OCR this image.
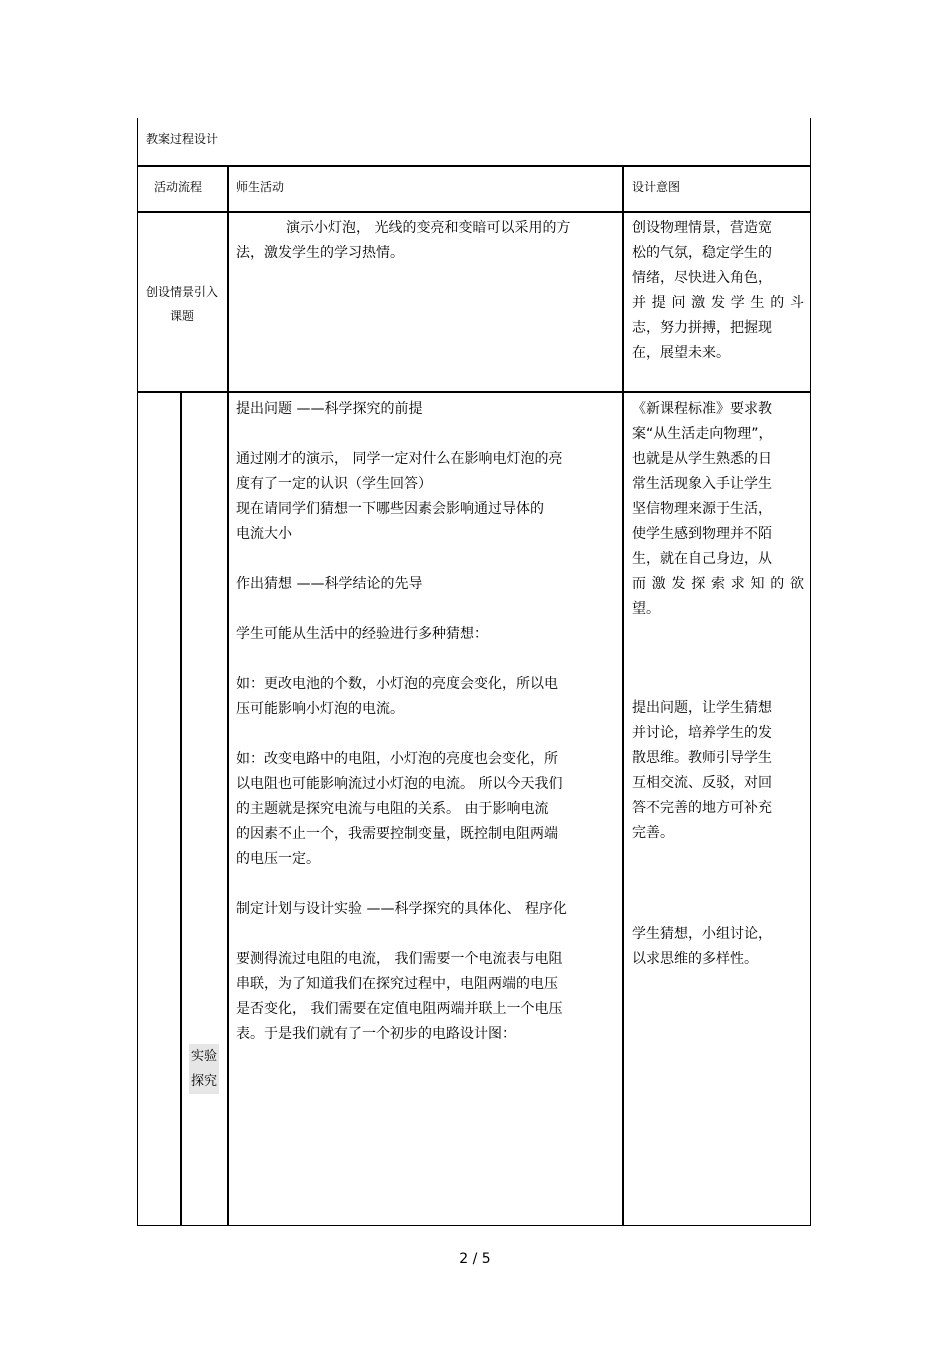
教案过程设计
活动流程	师生活动	设计意图
创设情景引入
课题
演示小灯泡， 光线的变亮和变暗可以采用的方
法，激发学生的学习热情。
创设物理情景，营造宽
松的气氛，稳定学生的
情绪，尽快进入角色，
并提问激发学生的斗
志，努力拼搏，把握现
在，展望未来。
实验
探究
提出问题 ——科学探究的前提
通过刚才的演示， 同学一定对什么在影响电灯泡的亮
度有了一定的认识（学生回答）
现在请同学们猜想一下哪些因素会影响通过导体的
电流大小
作出猜想 ——科学结论的先导
学生可能从生活中的经验进行多种猜想：
如：更改电池的个数，小灯泡的亮度会变化，所以电
压可能影响小灯泡的电流。
如：改变电路中的电阻，小灯泡的亮度也会变化，所
以电阻也可能影响流过小灯泡的电流。 所以今天我们
的主题就是探究电流与电阻的关系。 由于影响电流
的因素不止一个，我需要控制变量，既控制电阻两端
的电压一定。
制定计划与设计实验 ——科学探究的具体化、 程序化
要测得流过电阻的电流， 我们需要一个电流表与电阻
串联，为了知道我们在探究过程中，电阻两端的电压
是否变化， 我们需要在定值电阻两端并联上一个电压
表。于是我们就有了一个初步的电路设计图：
《新课程标准》要求教
案“从生活走向物理”，
也就是从学生熟悉的日
常生活现象入手让学生
坚信物理来源于生活，
使学生感到物理并不陌
生，就在自己身边，从
而激发探索求知的欲
望。
提出问题，让学生猜想
并讨论，培养学生的发
散思维。教师引导学生
互相交流、反驳，对回
答不完善的地方可补充
完善。
学生猜想，小组讨论，
以求思维的多样性。
2 / 5
